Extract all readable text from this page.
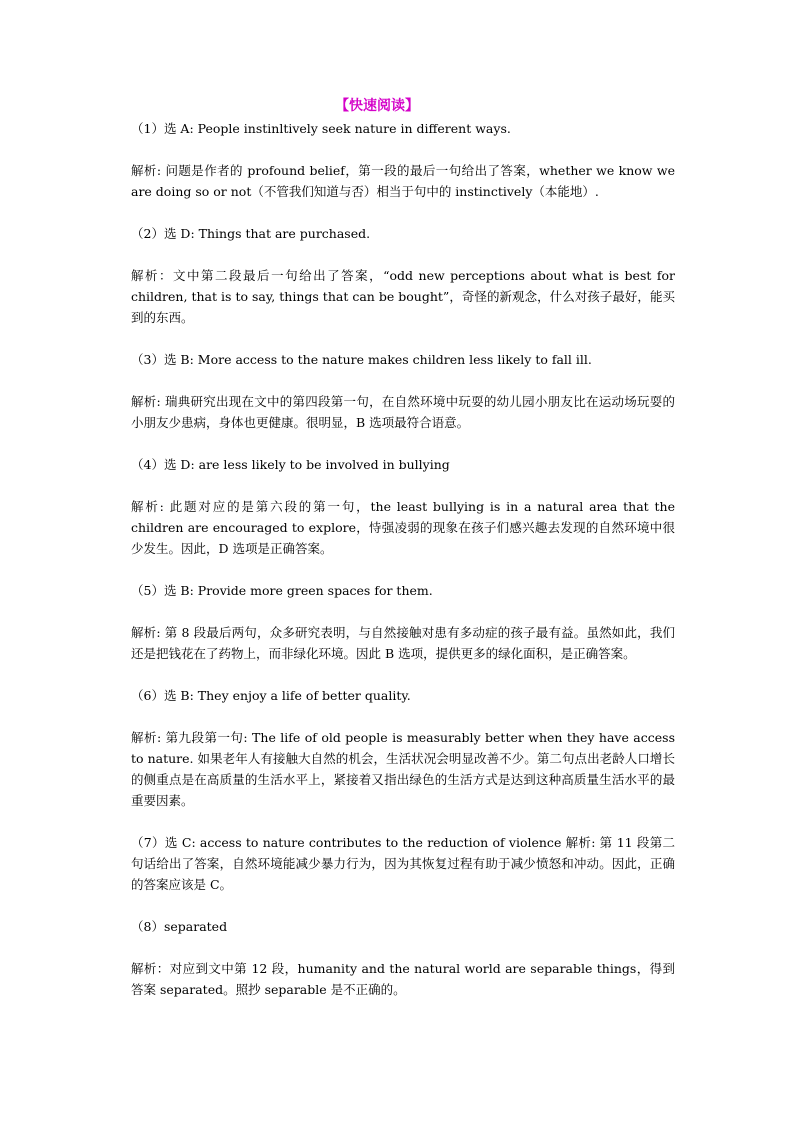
【快速阅读】

（1）选 A: People instinltively seek nature in different ways.

解析: 问题是作者的 profound belief，第一段的最后一句给出了答案，whether we know we are doing so or not（不管我们知道与否）相当于句中的 instinctively（本能地）.

（2）选 D: Things that are purchased.

解析：文中第二段最后一句给出了答案，“odd new perceptions about what is best for children, that is to say, things that can be bought”，奇怪的新观念，什么对孩子最好，能买到的东西。

（3）选 B: More access to the nature makes children less likely to fall ill.

解析: 瑞典研究出现在文中的第四段第一句，在自然环境中玩耍的幼儿园小朋友比在运动场玩耍的小朋友少患病，身体也更健康。很明显，B 选项最符合语意。

（4）选 D: are less likely to be involved in bullying

解析: 此题对应的是第六段的第一句，the least bullying is in a natural area that the children are encouraged to explore，恃强凌弱的现象在孩子们感兴趣去发现的自然环境中很少发生。因此，D 选项是正确答案。

（5）选 B: Provide more green spaces for them.

解析: 第 8 段最后两句，众多研究表明，与自然接触对患有多动症的孩子最有益。虽然如此，我们还是把钱花在了药物上，而非绿化环境。因此 B 选项，提供更多的绿化面积，是正确答案。

（6）选 B: They enjoy a life of better quality.

解析: 第九段第一句: The life of old people is measurably better when they have access to nature. 如果老年人有接触大自然的机会，生活状况会明显改善不少。第二句点出老龄人口增长的侧重点是在高质量的生活水平上，紧接着又指出绿色的生活方式是达到这种高质量生活水平的最重要因素。

（7）选 C: access to nature contributes to the reduction of violence 解析: 第 11 段第二句话给出了答案，自然环境能减少暴力行为，因为其恢复过程有助于减少愤怒和冲动。因此，正确的答案应该是 C。

（8）separated

解析：对应到文中第 12 段，humanity and the natural world are separable things，得到答案 separated。照抄 separable 是不正确的。
